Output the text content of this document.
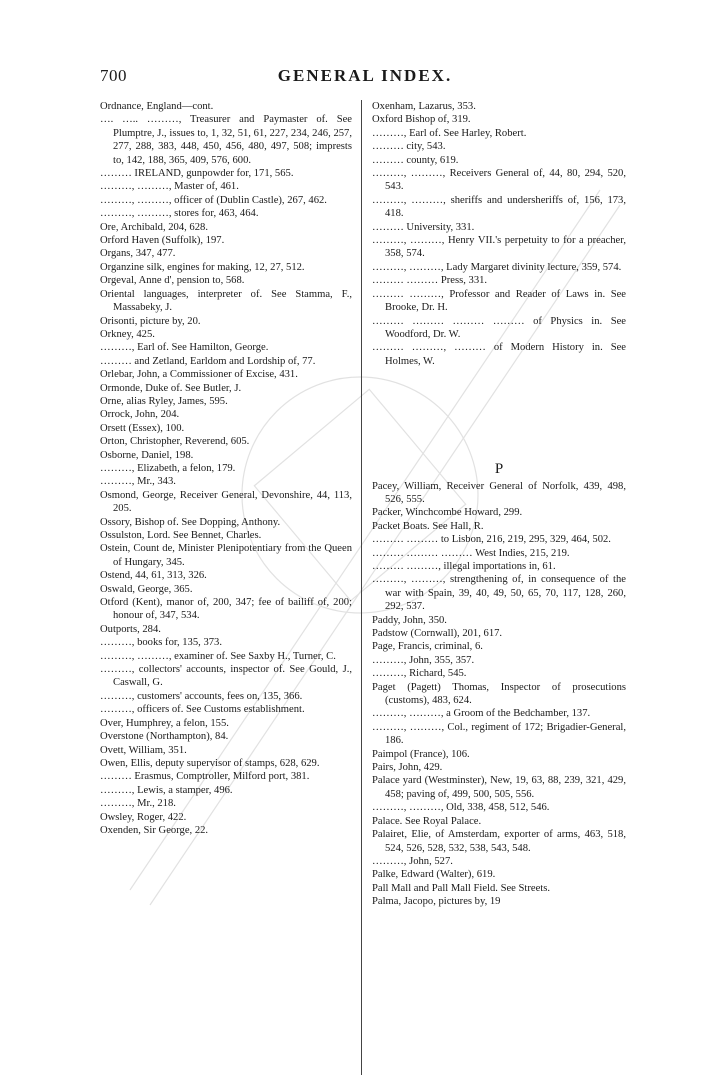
700	GENERAL INDEX.

Ordnance, England—cont.

…. ….. ………, Treasurer and Paymaster of. See Plumptre, J., issues to, 1, 32, 51, 61, 227, 234, 246, 257, 277, 288, 383, 448, 450, 456, 480, 497, 508; imprests to, 142, 188, 365, 409, 576, 600.

……… IRELAND, gunpowder for, 171, 565.

………, ………, Master of, 461.

………, ………, officer of (Dublin Castle), 267, 462.

………, ………, stores for, 463, 464.

Ore, Archibald, 204, 628.

Orford Haven (Suffolk), 197.

Organs, 347, 477.

Organzine silk, engines for making, 12, 27, 512.

Orgeval, Anne d', pension to, 568.

Oriental languages, interpreter of. See Stamma, F., Massabeky, J.

Orisonti, picture by, 20.

Orkney, 425.

………, Earl of. See Hamilton, George.

……… and Zetland, Earldom and Lordship of, 77.

Orlebar, John, a Commissioner of Excise, 431.

Ormonde, Duke of. See Butler, J.

Orne, alias Ryley, James, 595.

Orrock, John, 204.

Orsett (Essex), 100.

Orton, Christopher, Reverend, 605.

Osborne, Daniel, 198.

………, Elizabeth, a felon, 179.

………, Mr., 343.

Osmond, George, Receiver General, Devonshire, 44, 113, 205.

Ossory, Bishop of. See Dopping, Anthony.

Ossulston, Lord. See Bennet, Charles.

Ostein, Count de, Minister Plenipotentiary from the Queen of Hungary, 345.

Ostend, 44, 61, 313, 326.

Oswald, George, 365.

Otford (Kent), manor of, 200, 347; fee of bailiff of, 200; honour of, 347, 534.

Outports, 284.

………, books for, 135, 373.

………, ………, examiner of. See Saxby H., Turner, C.

………, collectors' accounts, inspector of. See Gould, J., Caswall, G.

………, customers' accounts, fees on, 135, 366.

………, officers of. See Customs establishment.

Over, Humphrey, a felon, 155.

Overstone (Northampton), 84.

Ovett, William, 351.

Owen, Ellis, deputy supervisor of stamps, 628, 629.

……… Erasmus, Comptroller, Milford port, 381.

………, Lewis, a stamper, 496.

………, Mr., 218.

Owsley, Roger, 422.

Oxenden, Sir George, 22.

Oxenham, Lazarus, 353.

Oxford Bishop of, 319.

………, Earl of. See Harley, Robert.

……… city, 543.

……… county, 619.

………, ………, Receivers General of, 44, 80, 294, 520, 543.

………, ………, sheriffs and undersheriffs of, 156, 173, 418.

……… University, 331.

………, ………, Henry VII.'s perpetuity to for a preacher, 358, 574.

………, ………, Lady Margaret divinity lecture, 359, 574.

……… ……… Press, 331.

……… ………, Professor and Reader of Laws in. See Brooke, Dr. H.

……… ……… ……… ……… of Physics in. See Woodford, Dr. W.

……… ………, ……… of Modern History in. See Holmes, W.

P

Pacey, William, Receiver General of Norfolk, 439, 498, 526, 555.

Packer, Winchcombe Howard, 299.

Packet Boats. See Hall, R.

……… ……… to Lisbon, 216, 219, 295, 329, 464, 502.

……… ……… ……… West Indies, 215, 219.

……… ………, illegal importations in, 61.

………, ………, strengthening of, in consequence of the war with Spain, 39, 40, 49, 50, 65, 70, 117, 128, 260, 292, 537.

Paddy, John, 350.

Padstow (Cornwall), 201, 617.

Page, Francis, criminal, 6.

………, John, 355, 357.

………, Richard, 545.

Paget (Pagett) Thomas, Inspector of prosecutions (customs), 483, 624.

………, ………, a Groom of the Bedchamber, 137.

………, ………, Col., regiment of 172; Brigadier-General, 186.

Paimpol (France), 106.

Pairs, John, 429.

Palace yard (Westminster), New, 19, 63, 88, 239, 321, 429, 458; paving of, 499, 500, 505, 556.

………, ………, Old, 338, 458, 512, 546.

Palace. See Royal Palace.

Palairet, Elie, of Amsterdam, exporter of arms, 463, 518, 524, 526, 528, 532, 538, 543, 548.

………, John, 527.

Palke, Edward (Walter), 619.

Pall Mall and Pall Mall Field. See Streets.

Palma, Jacopo, pictures by, 19
